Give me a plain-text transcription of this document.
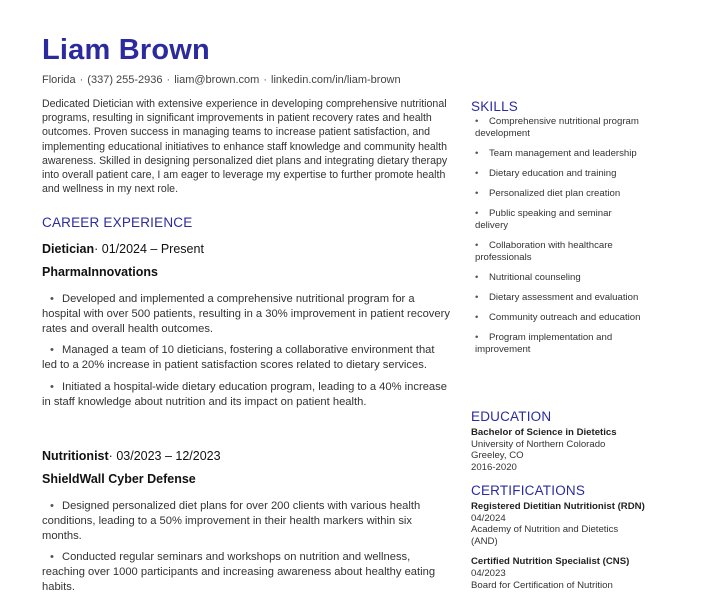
Liam Brown
Florida · (337) 255-2936 · liam@brown.com · linkedin.com/in/liam-brown
Dedicated Dietician with extensive experience in developing comprehensive nutritional programs, resulting in significant improvements in patient recovery rates and health outcomes. Proven success in managing teams to increase patient satisfaction, and implementing educational initiatives to enhance staff knowledge and community health awareness. Skilled in designing personalized diet plans and integrating dietary therapy into overall patient care, I am eager to leverage my expertise to further promote health and wellness in my next role.
CAREER EXPERIENCE
Dietician· 01/2024 – Present
PharmaInnovations
• Developed and implemented a comprehensive nutritional program for a hospital with over 500 patients, resulting in a 30% improvement in patient recovery rates and overall health outcomes.
• Managed a team of 10 dieticians, fostering a collaborative environment that led to a 20% increase in patient satisfaction scores related to dietary services.
• Initiated a hospital-wide dietary education program, leading to a 40% increase in staff knowledge about nutrition and its impact on patient health.
Nutritionist· 03/2023 – 12/2023
ShieldWall Cyber Defense
• Designed personalized diet plans for over 200 clients with various health conditions, leading to a 50% improvement in their health markers within six months.
• Conducted regular seminars and workshops on nutrition and wellness, reaching over 1000 participants and increasing awareness about healthy eating habits.
SKILLS
• Comprehensive nutritional program development
• Team management and leadership
• Dietary education and training
• Personalized diet plan creation
• Public speaking and seminar delivery
• Collaboration with healthcare professionals
• Nutritional counseling
• Dietary assessment and evaluation
• Community outreach and education
• Program implementation and improvement
EDUCATION
Bachelor of Science in Dietetics
University of Northern Colorado
Greeley, CO
2016-2020
CERTIFICATIONS
Registered Dietitian Nutritionist (RDN)
04/2024
Academy of Nutrition and Dietetics (AND)
Certified Nutrition Specialist (CNS)
04/2023
Board for Certification of Nutrition
